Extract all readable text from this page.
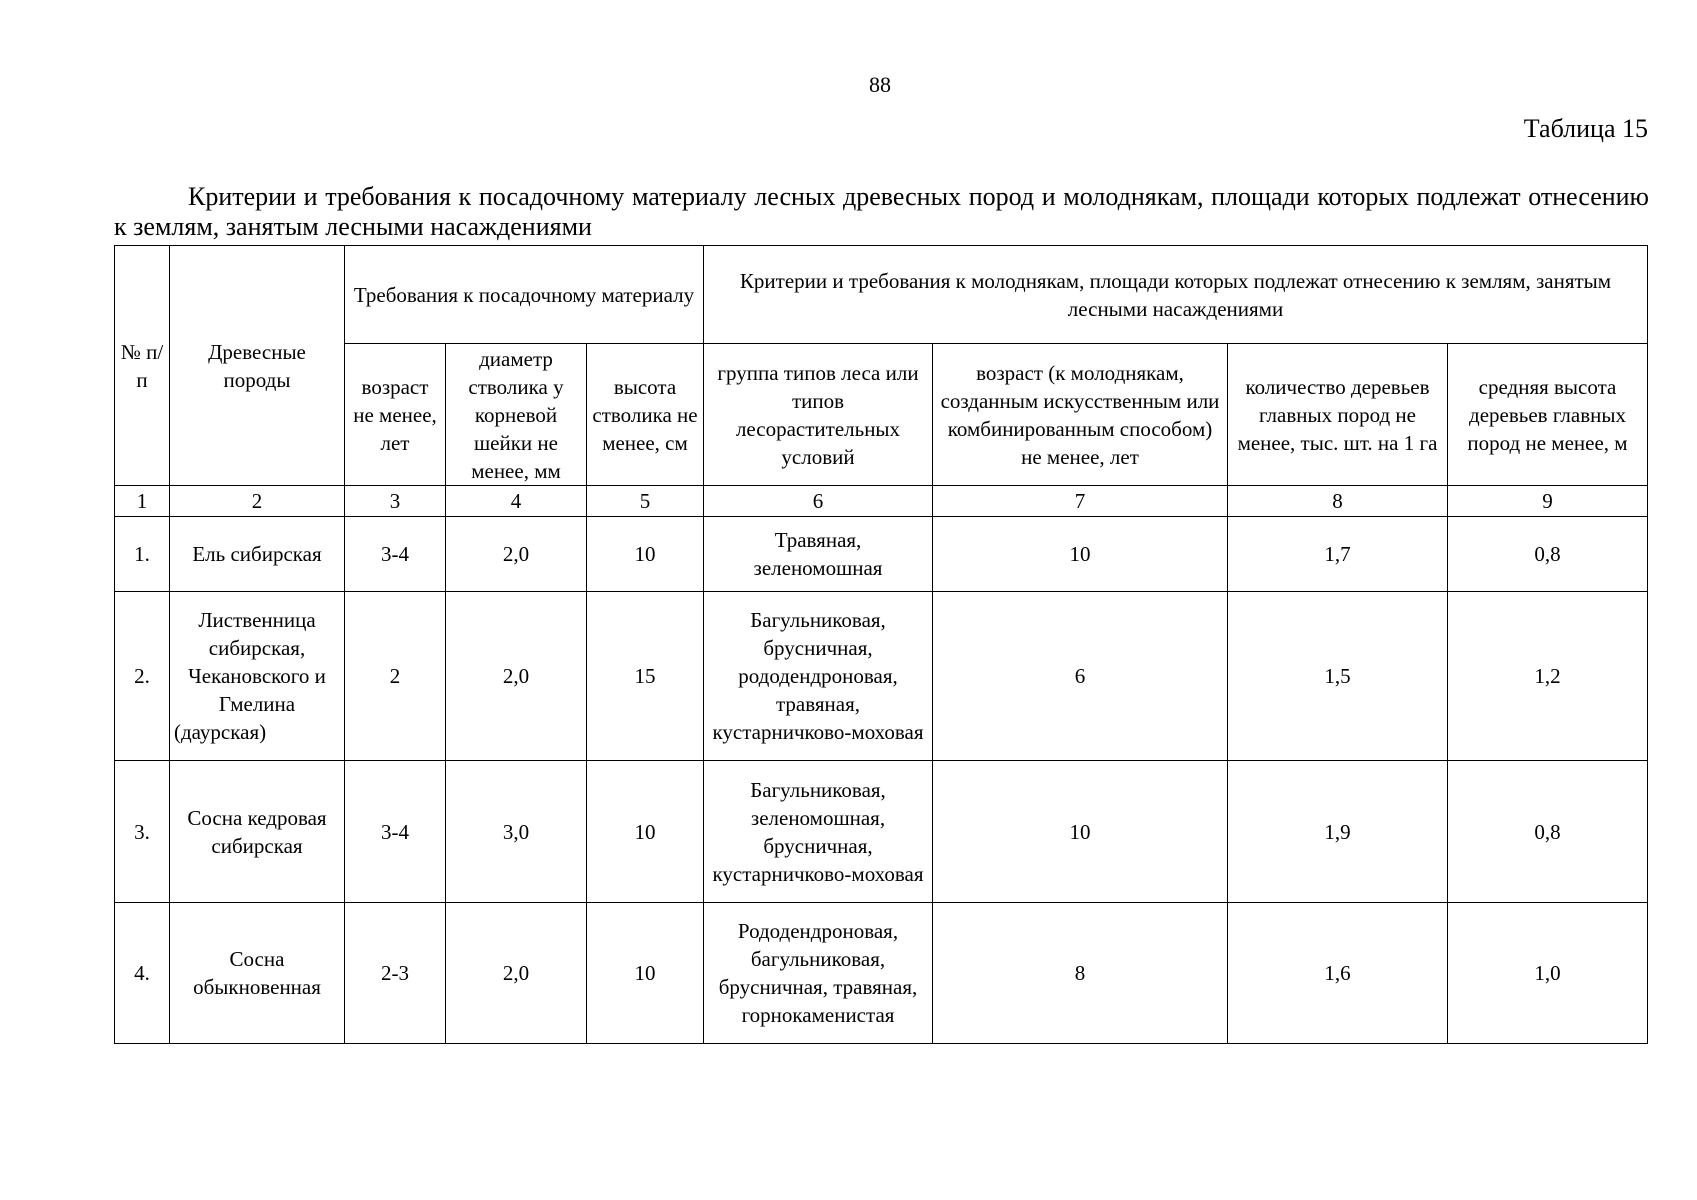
88
Таблица 15
Критерии и требования к посадочному материалу лесных древесных пород и молоднякам, площади которых подлежат отнесению к землям, занятым лесными насаждениями
№ п/п	Древесные породы	Требования к посадочному материалу			Критерии и требования к молоднякам, площади которых подлежат отнесению к землям, занятым лесными насаждениями			
		возраст не менее, лет	диаметр стволика у корневой шейки не менее, мм	высота стволика не менее, см	группа типов леса или типов лесорастительных условий	возраст (к молоднякам, созданным искусственным или комбинированным способом) не менее, лет	количество деревьев главных пород не менее, тыс. шт. на 1 га	средняя высота деревьев главных пород не менее, м
1	2	3	4	5	6	7	8	9
1.	Ель сибирская	3-4	2,0	10	Травяная, зеленомошная	10	1,7	0,8
2.	Лиственница сибирская, Чекановского и Гмелина (даурская)	2	2,0	15	Багульниковая, брусничная, рододендроновая, травяная, кустарничково-моховая	6	1,5	1,2
3.	Сосна кедровая сибирская	3-4	3,0	10	Багульниковая, зеленомошная, брусничная, кустарничково-моховая	10	1,9	0,8
4.	Сосна обыкновенная	2-3	2,0	10	Рододендроновая, багульниковая, брусничная, травяная, горнокаменистая	8	1,6	1,0
